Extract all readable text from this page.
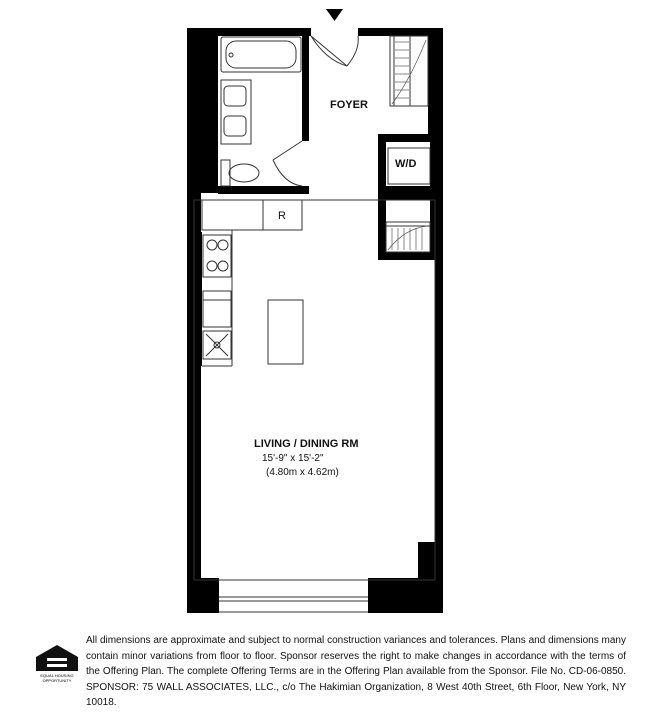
FOYER
W/D
R
LIVING / DINING RM
15'-9" x 15'-2"
(4.80m x 4.62m)
EQUAL HOUSING
OPPORTUNITY
All dimensions are approximate and subject to normal construction variances and tolerances. Plans and dimensions many contain minor variations from floor to floor. Sponsor reserves the right to make changes in accordance with the terms of the Offering Plan. The complete Offering Terms are in the Offering Plan available from the Sponsor. File No. CD-06-0850. SPONSOR: 75 WALL ASSOCIATES, LLC., c/o The Hakimian Organization, 8 West 40th Street, 6th Floor, New York, NY 10018.
